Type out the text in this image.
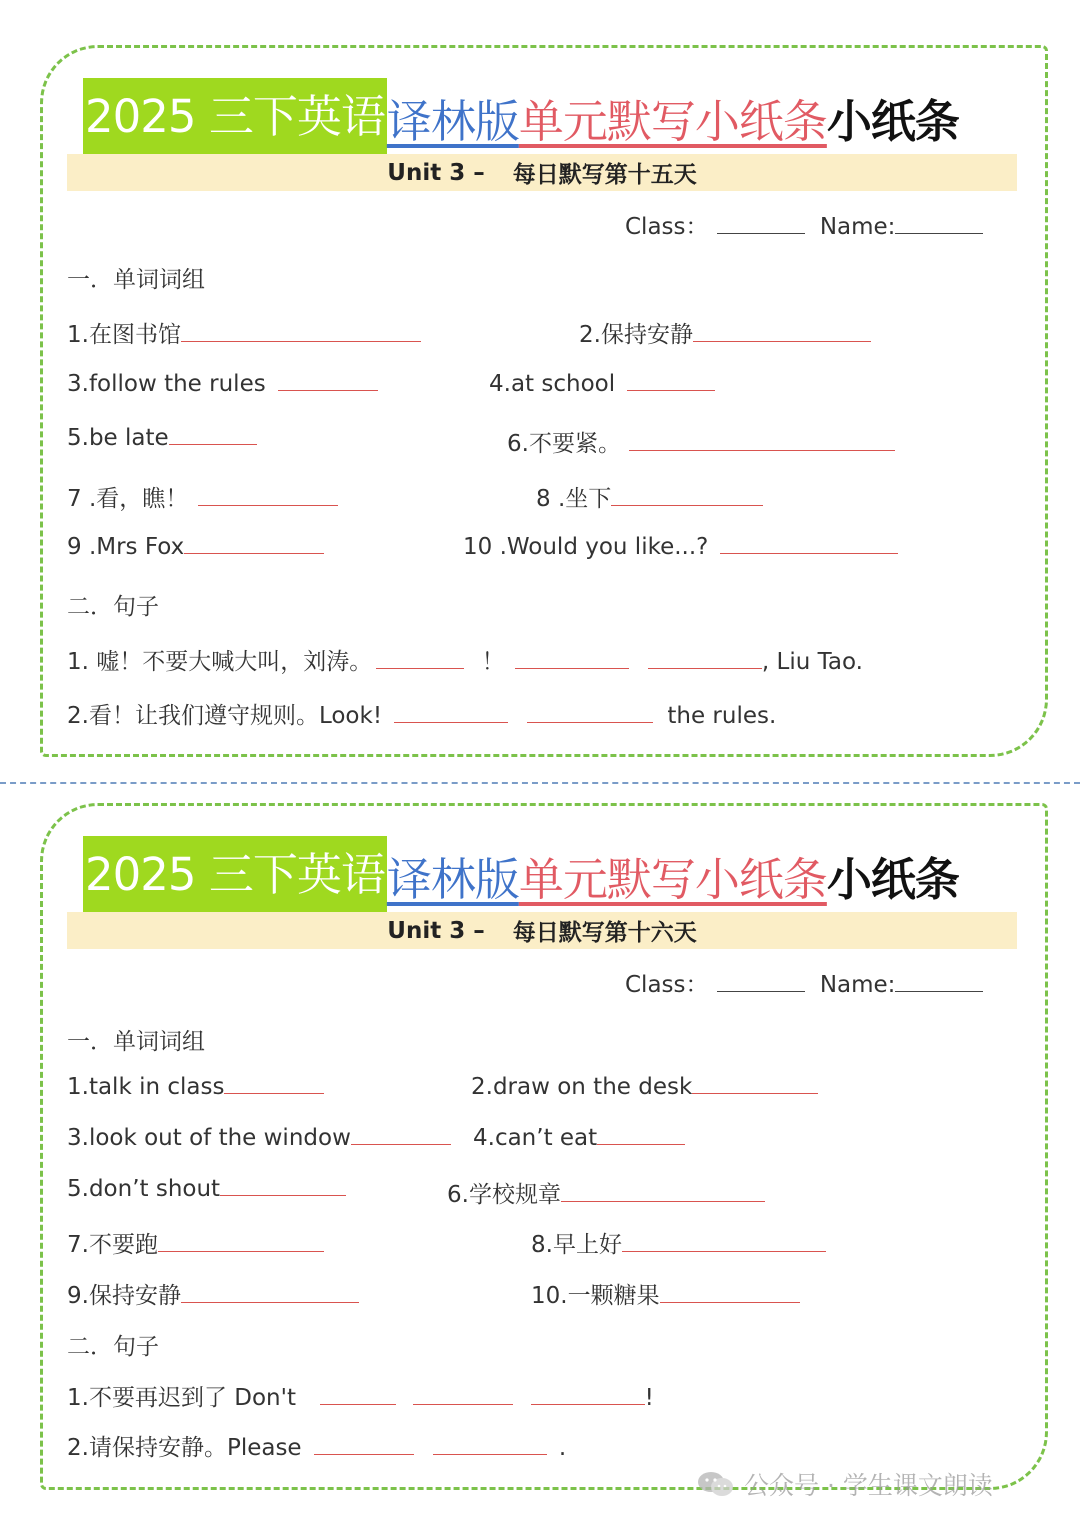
2025 三下英语 译林版 单元默写小纸条 小纸条
Unit 3 –	每日默写第十五天
Class：	Name:
一．单词词组
1.在图书馆	2.保持安静
3.follow the rules	4.at school
5.be late	6.不要紧。
7 .看，瞧！	8 .坐下
9 .Mrs Fox	10 .Would you like...?
二．句子
1. 嘘！不要大喊大叫，刘涛。	！	, Liu Tao.
2.看！让我们遵守规则。Look!	the rules.
2025 三下英语 译林版 单元默写小纸条 小纸条
Unit 3 –	每日默写第十六天
Class：	Name:
一．单词词组
1.talk in class	2.draw on the desk
3.look out of the window	4.can’t eat
5.don’t shout	6.学校规章
7.不要跑	8.早上好
9.保持安静	10.一颗糖果
二．句子
1.不要再迟到了 Don't	!
2.请保持安静。Please	.
公众号 · 学生课文朗读
